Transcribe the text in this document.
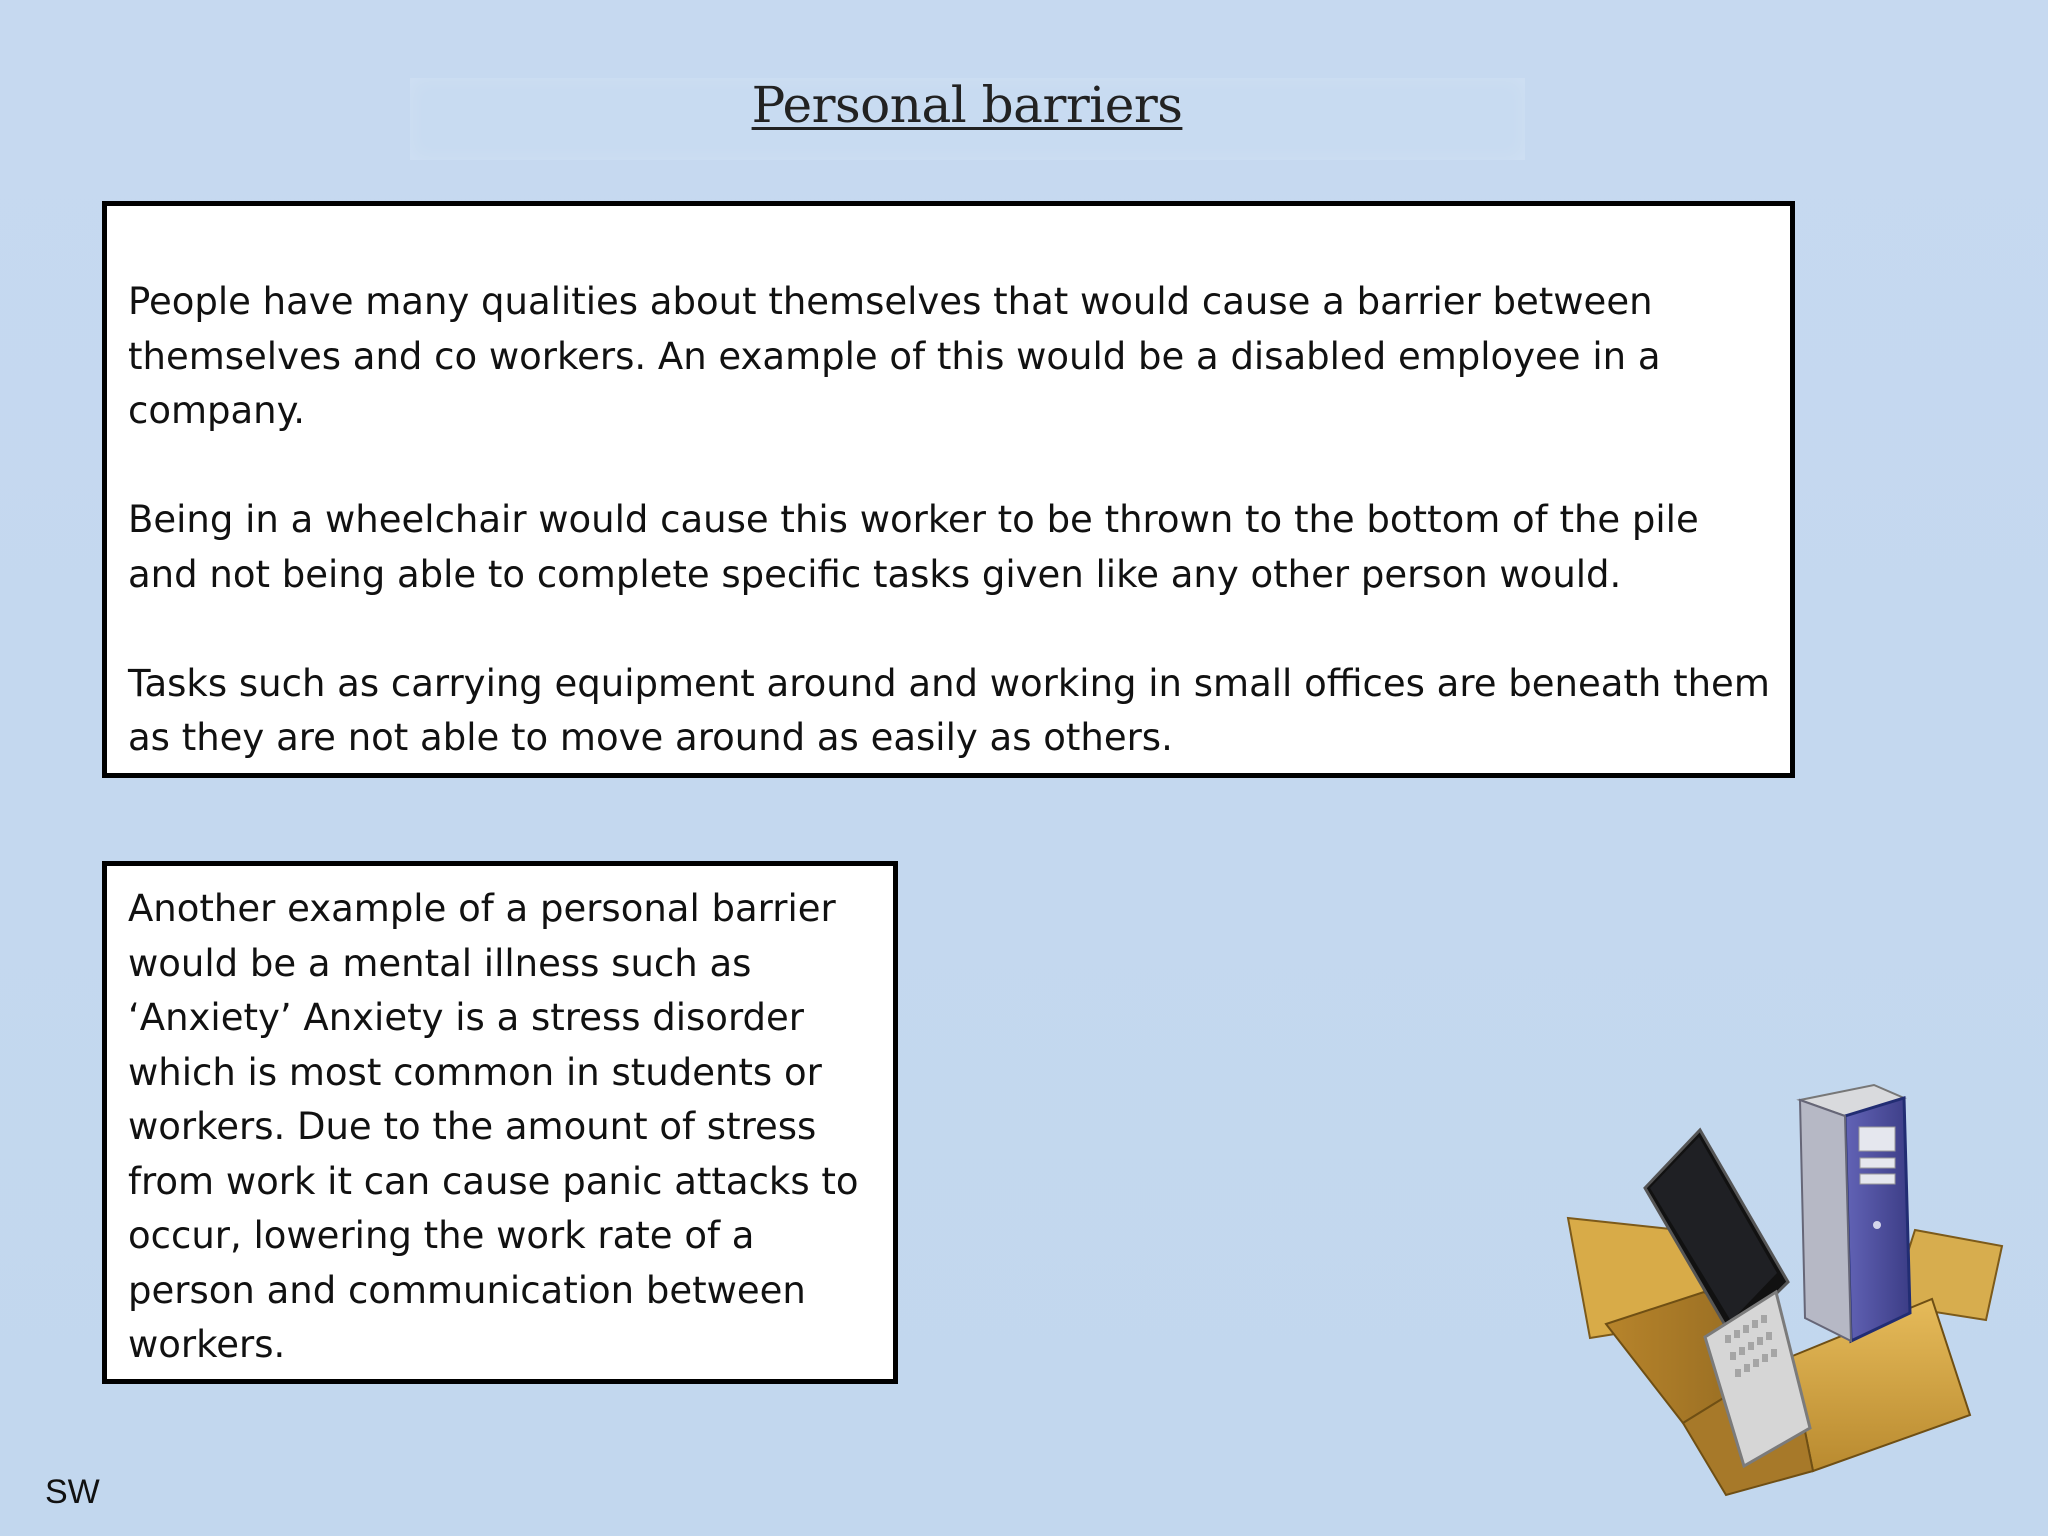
Personal barriers

People have many qualities about themselves that would cause a barrier between themselves and co workers. An example of this would be a disabled employee in a company.

Being in a wheelchair would cause this worker to be thrown to the bottom of the pile and not being able to complete specific tasks given like any other person would.

Tasks such as carrying equipment around and working in small offices are beneath them as they are not able to move around as easily as others.

Another example of a personal barrier would be a mental illness such as ‘Anxiety’ Anxiety is a stress disorder which is most common in students or workers. Due to the amount of stress from work it can cause panic attacks to occur, lowering the work rate of a person and communication between workers.
SW
